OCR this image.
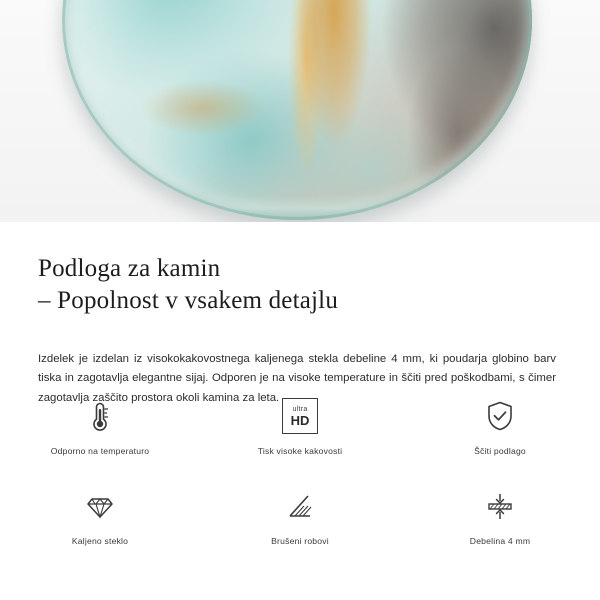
Podloga za kamin
– Popolnost v vsakem detajlu

Izdelek je izdelan iz visokokakovostnega kaljenega stekla debeline 4 mm, ki poudarja globino barv tiska in zagotavlja elegantne sijaj. Odporen je na visoke temperature in ščiti pred poškodbami, s čimer zagotavlja zaščito prostora okoli kamina za leta.

Odporno na temperaturo
ultra
HD
Tisk visoke kakovosti	Ščiti podlago
Kaljeno steklo	Brušeni robovi	Debelina 4 mm
